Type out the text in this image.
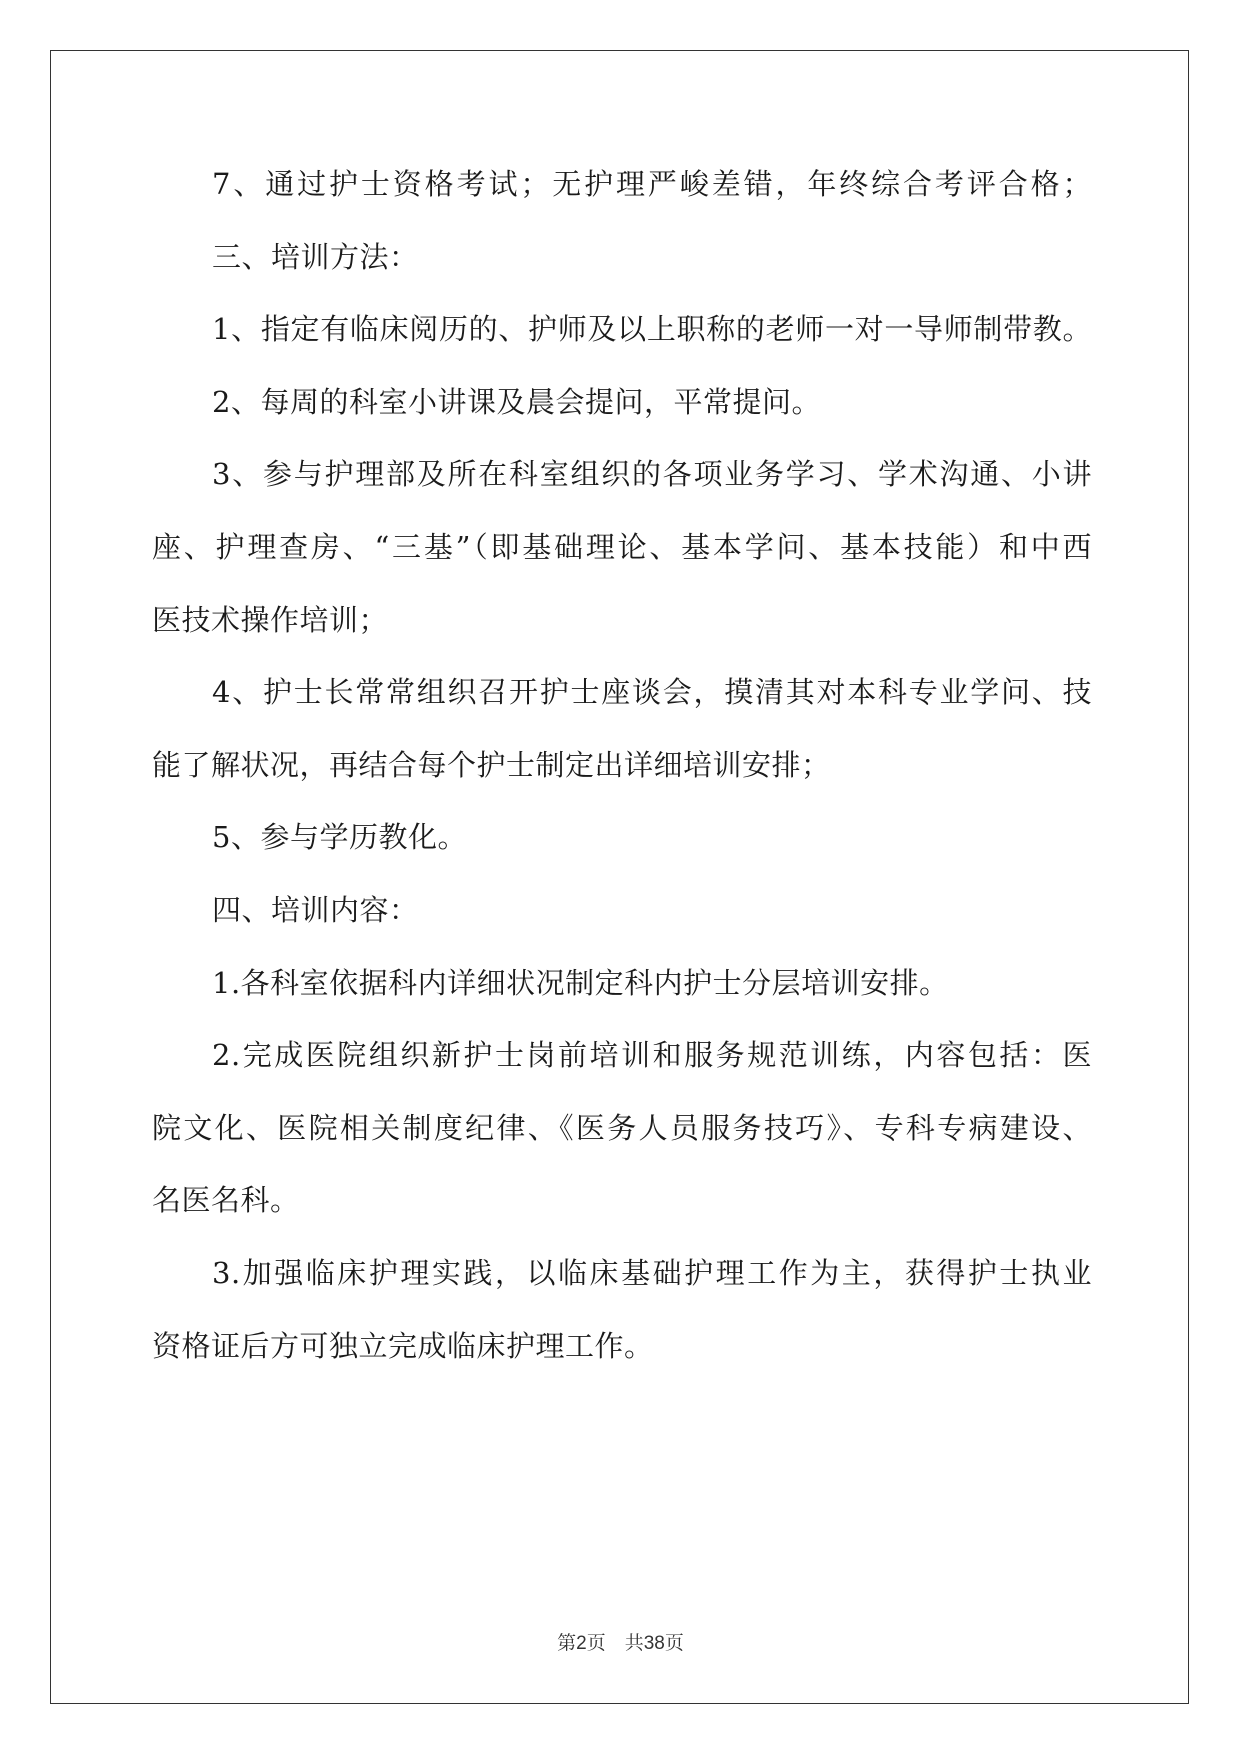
7、通过护士资格考试；无护理严峻差错，年终综合考评合格；

三、培训方法：

1、指定有临床阅历的、护师及以上职称的老师一对一导师制带教。

2、每周的科室小讲课及晨会提问，平常提问。

3、参与护理部及所在科室组织的各项业务学习、学术沟通、小讲

座、护理查房、“三基”（即基础理论、基本学问、基本技能）和中西

医技术操作培训；

4、护士长常常组织召开护士座谈会，摸清其对本科专业学问、技

能了解状况，再结合每个护士制定出详细培训安排；

5、参与学历教化。

四、培训内容：

1.各科室依据科内详细状况制定科内护士分层培训安排。

2.完成医院组织新护士岗前培训和服务规范训练，内容包括：医

院文化、医院相关制度纪律、《医务人员服务技巧》、专科专病建设、

名医名科。

3.加强临床护理实践，以临床基础护理工作为主，获得护士执业

资格证后方可独立完成临床护理工作。

第2页　共38页
